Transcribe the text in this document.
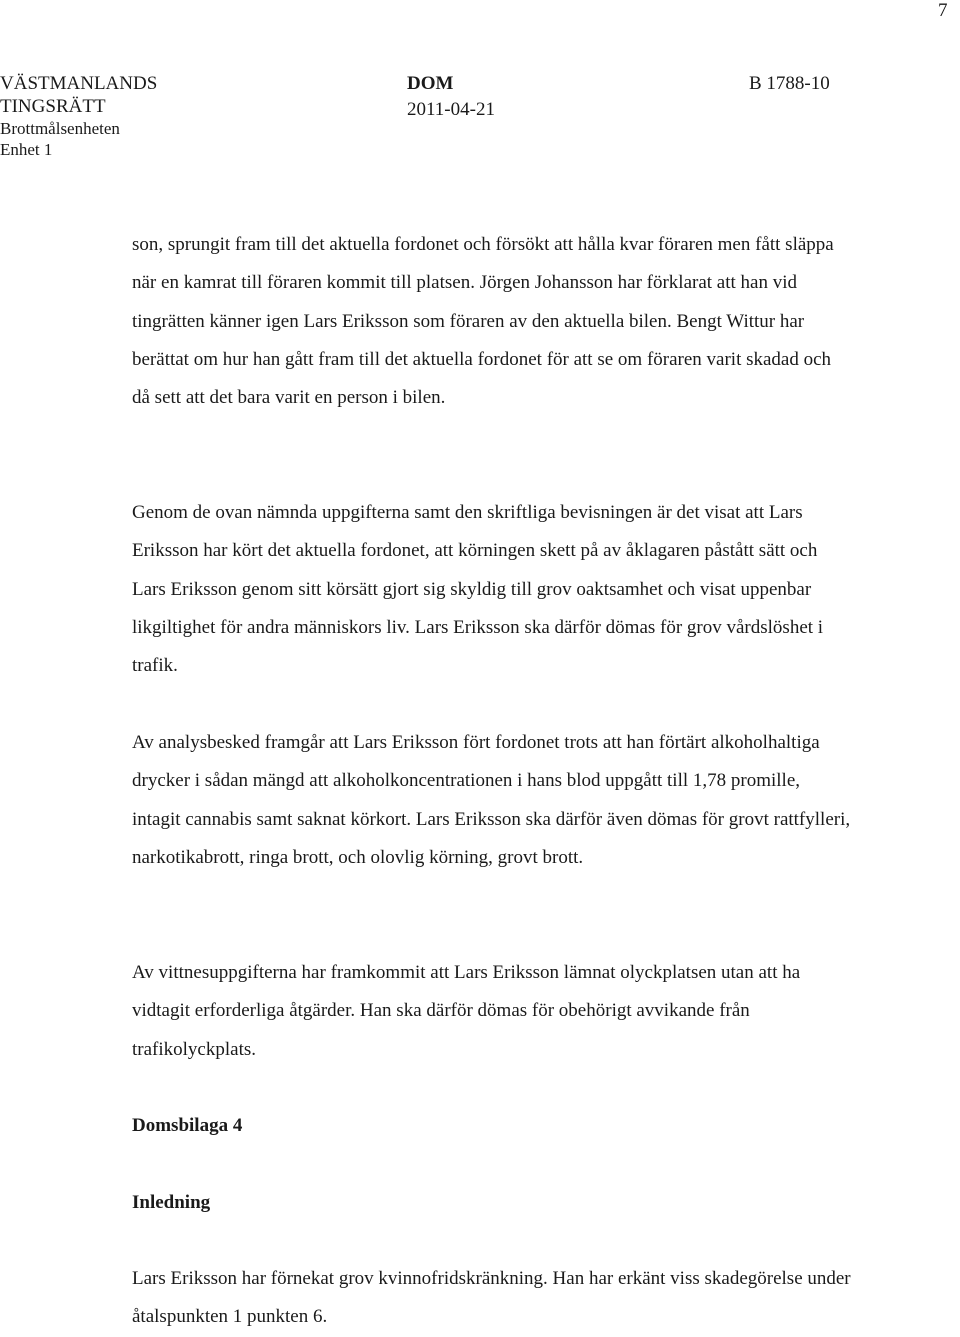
7
VÄSTMANLANDS
TINGSRÄTT
Brottmålsenheten
Enhet 1
DOM
2011-04-21
B 1788-10

son, sprungit fram till det aktuella fordonet och försökt att hålla kvar föraren men fått släppa när en kamrat till föraren kommit till platsen. Jörgen Johansson har förklarat att han vid tingrätten känner igen Lars Eriksson som föraren av den aktuella bilen. Bengt Wittur har berättat om hur han gått fram till det aktuella fordonet för att se om föraren varit skadad och då sett att det bara varit en person i bilen.

Genom de ovan nämnda uppgifterna samt den skriftliga bevisningen är det visat att Lars Eriksson har kört det aktuella fordonet, att körningen skett på av åklagaren påstått sätt och Lars Eriksson genom sitt körsätt gjort sig skyldig till grov oaktsamhet och visat uppenbar likgiltighet för andra människors liv. Lars Eriksson ska därför dömas för grov vårdslöshet i trafik.

Av analysbesked framgår att Lars Eriksson fört fordonet trots att han förtärt alkoholhaltiga drycker i sådan mängd att alkoholkoncentrationen i hans blod uppgått till 1,78 promille, intagit cannabis samt saknat körkort. Lars Eriksson ska därför även dömas för grovt rattfylleri, narkotikabrott, ringa brott, och olovlig körning, grovt brott.

Av vittnesuppgifterna har framkommit att Lars Eriksson lämnat olyckplatsen utan att ha vidtagit erforderliga åtgärder. Han ska därför dömas för obehörigt avvikande från trafikolyckplats.

Domsbilaga 4
Inledning

Lars Eriksson har förnekat grov kvinnofridskränkning. Han har erkänt viss skadegörelse under åtalspunkten 1 punkten 6.
